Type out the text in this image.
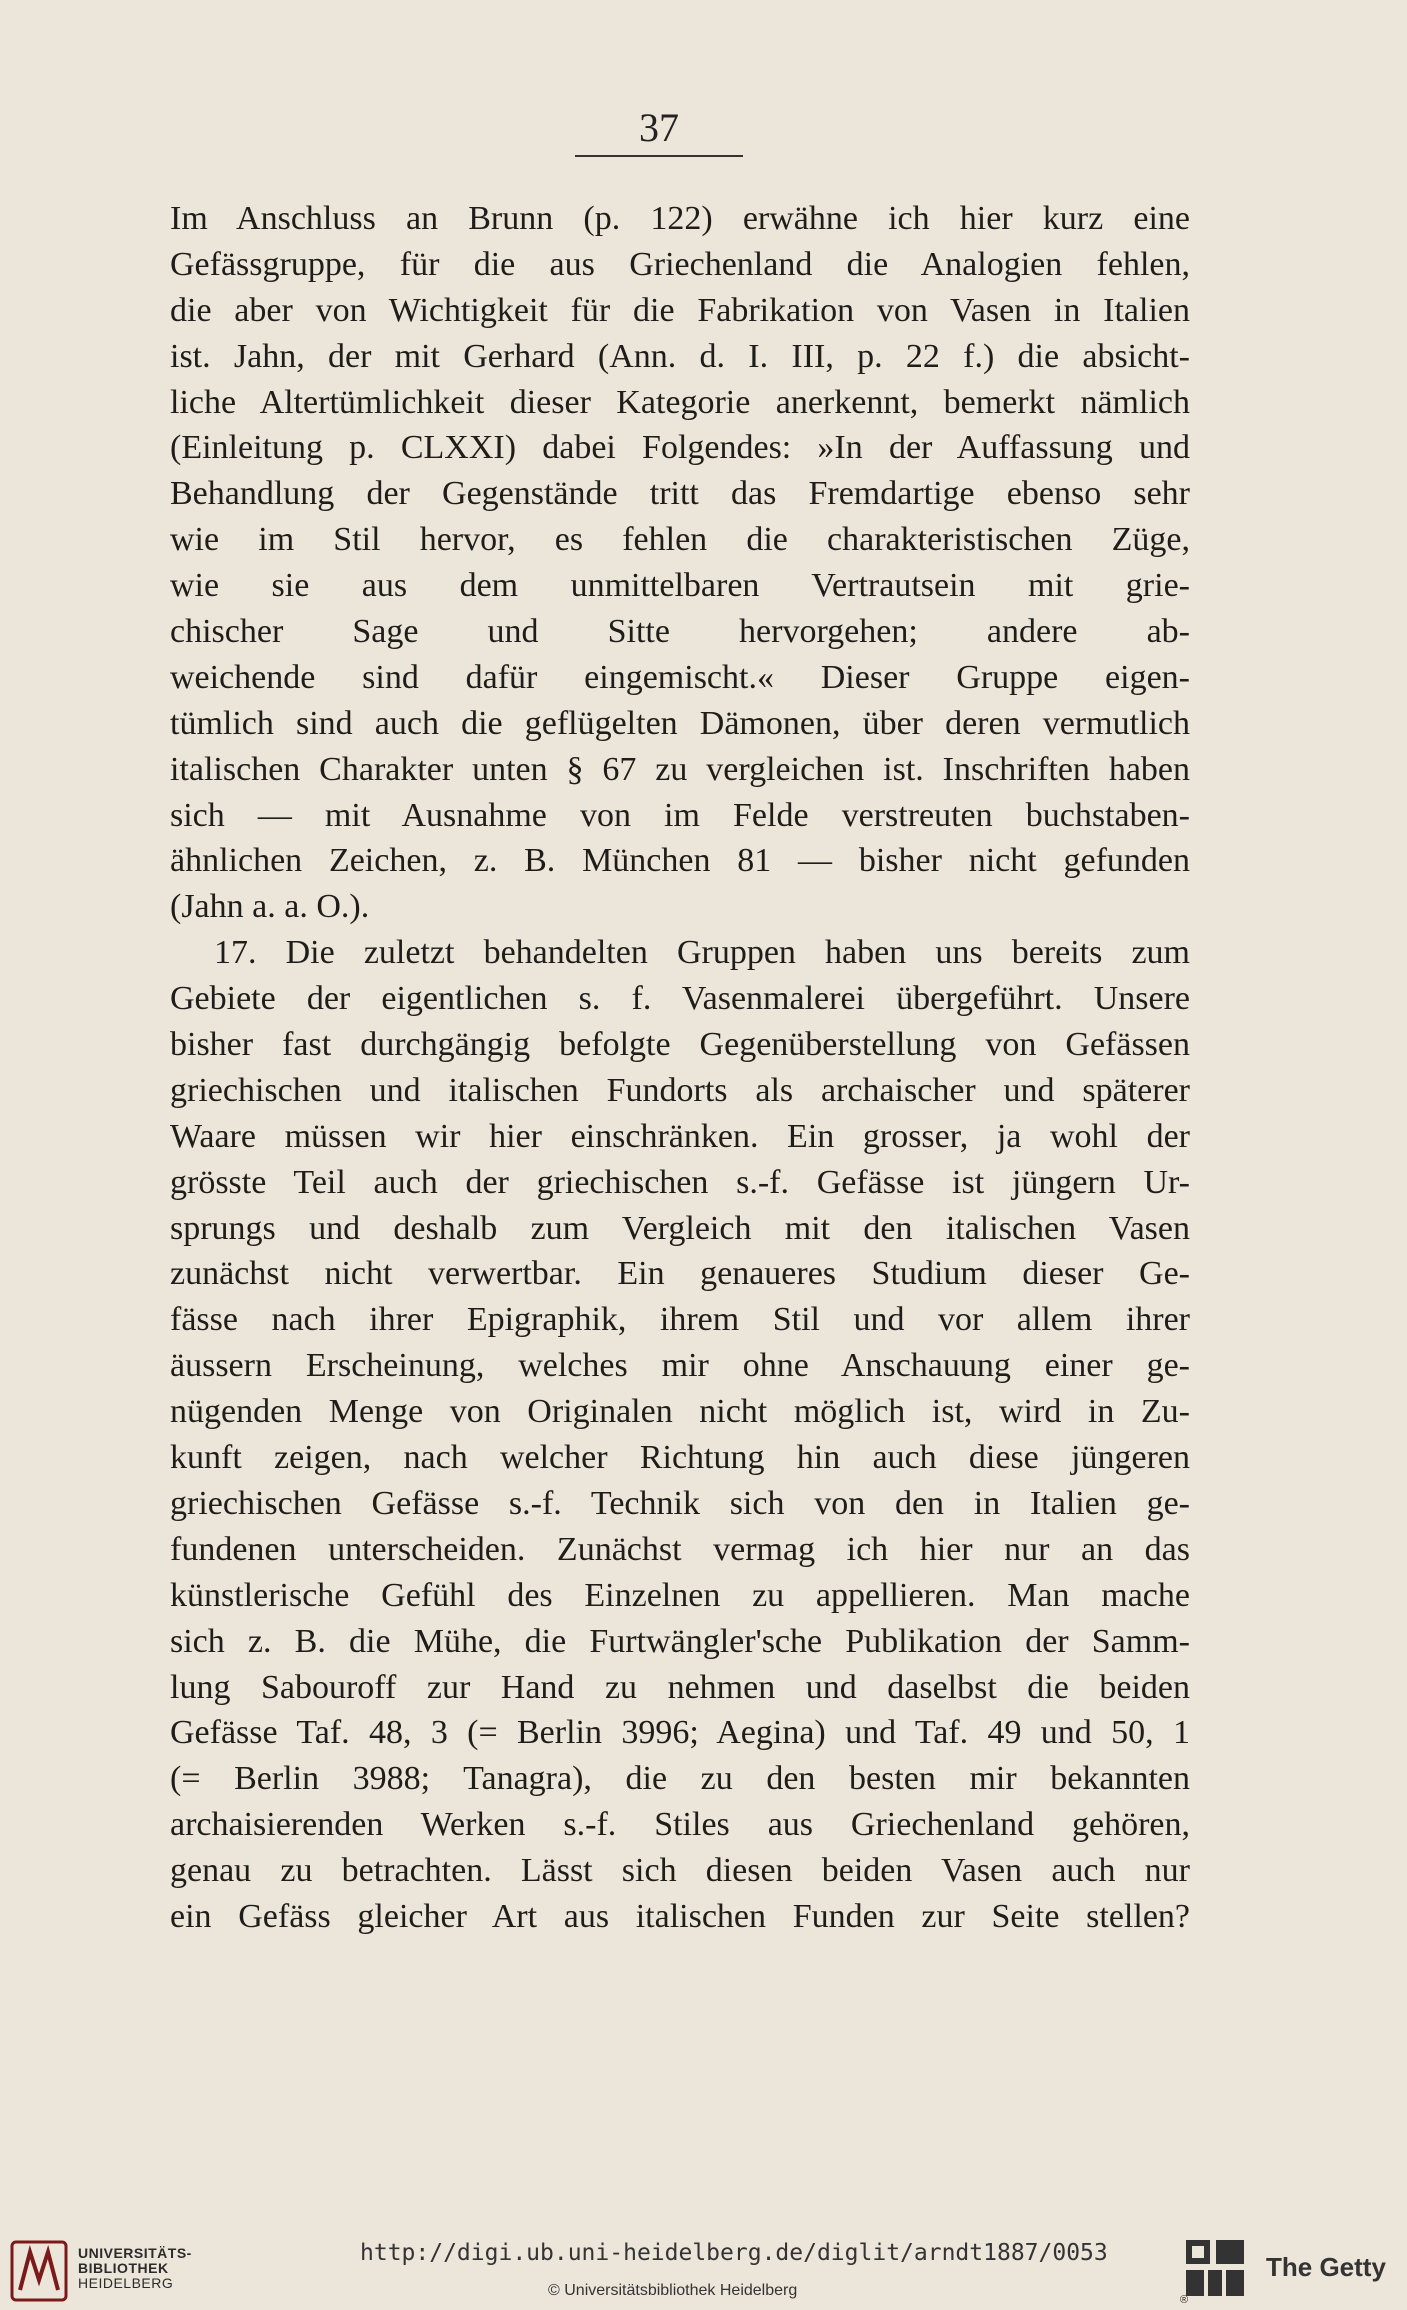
37
Im Anschluss an Brunn (p. 122) erwähne ich hier kurz eine
Gefässgruppe, für die aus Griechenland die Analogien fehlen,
die aber von Wichtigkeit für die Fabrikation von Vasen in Italien
ist. Jahn, der mit Gerhard (Ann. d. I. III, p. 22 f.) die absicht-
liche Altertümlichkeit dieser Kategorie anerkennt, bemerkt nämlich
(Einleitung p. CLXXI) dabei Folgendes: »In der Auffassung und
Behandlung der Gegenstände tritt das Fremdartige ebenso sehr
wie im Stil hervor, es fehlen die charakteristischen Züge,
wie sie aus dem unmittelbaren Vertrautsein mit grie-
chischer Sage und Sitte hervorgehen; andere ab-
weichende sind dafür eingemischt.« Dieser Gruppe eigen-
tümlich sind auch die geflügelten Dämonen, über deren vermutlich
italischen Charakter unten § 67 zu vergleichen ist. Inschriften haben
sich — mit Ausnahme von im Felde verstreuten buchstaben-
ähnlichen Zeichen, z. B. München 81 — bisher nicht gefunden
(Jahn a. a. O.).
17. Die zuletzt behandelten Gruppen haben uns bereits zum
Gebiete der eigentlichen s. f. Vasenmalerei übergeführt. Unsere
bisher fast durchgängig befolgte Gegenüberstellung von Gefässen
griechischen und italischen Fundorts als archaischer und späterer
Waare müssen wir hier einschränken. Ein grosser, ja wohl der
grösste Teil auch der griechischen s.-f. Gefässe ist jüngern Ur-
sprungs und deshalb zum Vergleich mit den italischen Vasen
zunächst nicht verwertbar. Ein genaueres Studium dieser Ge-
fässe nach ihrer Epigraphik, ihrem Stil und vor allem ihrer
äussern Erscheinung, welches mir ohne Anschauung einer ge-
nügenden Menge von Originalen nicht möglich ist, wird in Zu-
kunft zeigen, nach welcher Richtung hin auch diese jüngeren
griechischen Gefässe s.-f. Technik sich von den in Italien ge-
fundenen unterscheiden. Zunächst vermag ich hier nur an das
künstlerische Gefühl des Einzelnen zu appellieren. Man mache
sich z. B. die Mühe, die Furtwängler'sche Publikation der Samm-
lung Sabouroff zur Hand zu nehmen und daselbst die beiden
Gefässe Taf. 48, 3 (= Berlin 3996; Aegina) und Taf. 49 und 50, 1
(= Berlin 3988; Tanagra), die zu den besten mir bekannten
archaisierenden Werken s.-f. Stiles aus Griechenland gehören,
genau zu betrachten. Lässt sich diesen beiden Vasen auch nur
ein Gefäss gleicher Art aus italischen Funden zur Seite stellen?
UNIVERSITÄTS-
BIBLIOTHEK
HEIDELBERG
http://digi.ub.uni-heidelberg.de/diglit/arndt1887/0053
© Universitätsbibliothek Heidelberg
®
The Getty
